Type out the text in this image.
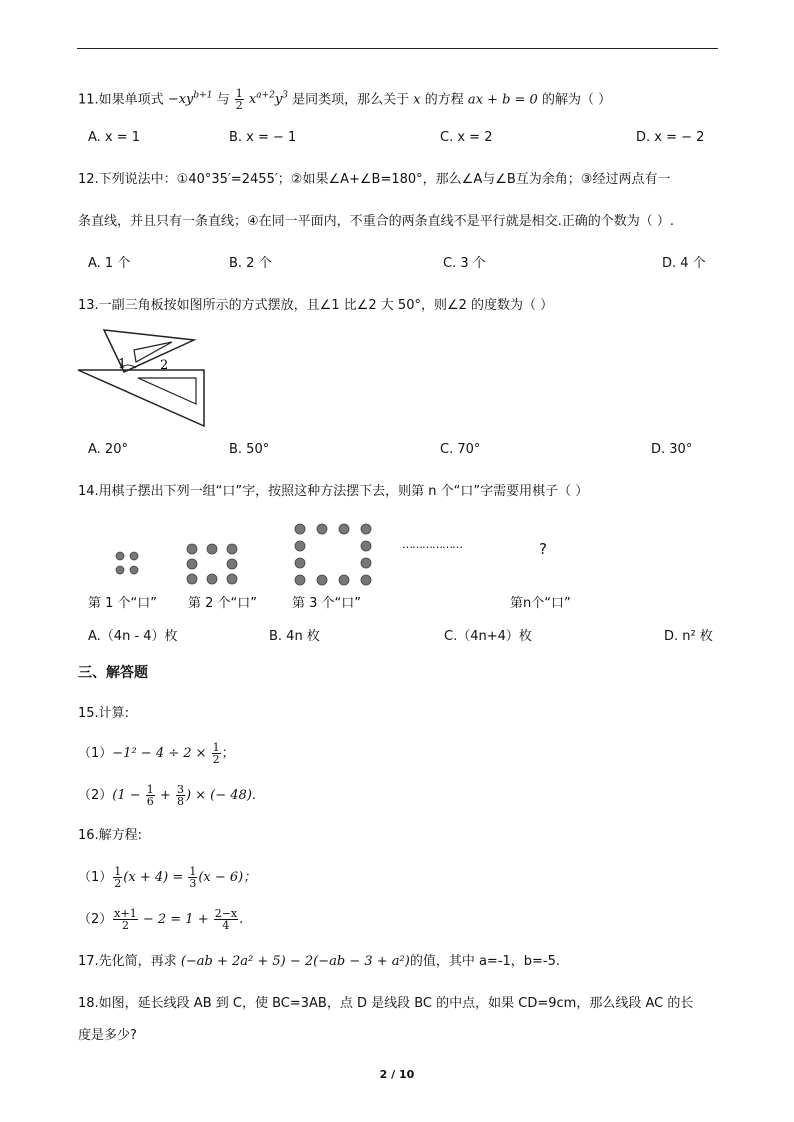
11.如果单项式 $-xy^{b+1}$ 与 $\frac{1}{2} x^{a+2}y^3$ 是同类项，那么关于 x 的方程 ax + b = 0 的解为（ ）
A. x = 1	B. x = − 1	C. x = 2	D. x = − 2
12.下列说法中：①40°35′=2455′；②如果∠A+∠B=180°，那么∠A与∠B互为余角；③经过两点有一
条直线，并且只有一条直线；④在同一平面内，不重合的两条直线不是平行就是相交.正确的个数为（ ）.
A. 1 个	B. 2 个	C. 3 个	D. 4 个
13.一副三角板按如图所示的方式摆放，且∠1 比∠2 大 50°，则∠2 的度数为（ ）
1	2
A. 20°	B. 50°	C. 70°	D. 30°
14.用棋子摆出下列一组“口”字，按照这种方法摆下去，则第 n 个“口”字需要用棋子（ ）
………………	?
第 1 个“口” 第 2 个“口”	第 3 个“口”	第n个“口”
A.（4n - 4）枚	B. 4n 枚	C.（4n+4）枚	D. n² 枚
三、解答题
15.计算:
$(1)-1^2 - 4 \div 2 \times \frac{1}{2}$ ；
$(2)(1 - \frac{1}{6} + \frac{3}{8}$ ) × (− 48).
16.解方程:
$(1) \frac{1}{2} (x + 4) = \frac{1}{3} (x - 6)$；
$(2) \frac{x+1}{2} - 2 = 1 + \frac{2-x}{4}$ .
17.先化简，再求 (−ab + 2a² + 5) − 2(−ab − 3 + a²)的值，其中 a=-1，b=-5.
18.如图，延长线段 AB 到 C，使 BC=3AB，点 D 是线段 BC 的中点，如果 CD=9cm，那么线段 AC 的长
度是多少?
2 / 10
